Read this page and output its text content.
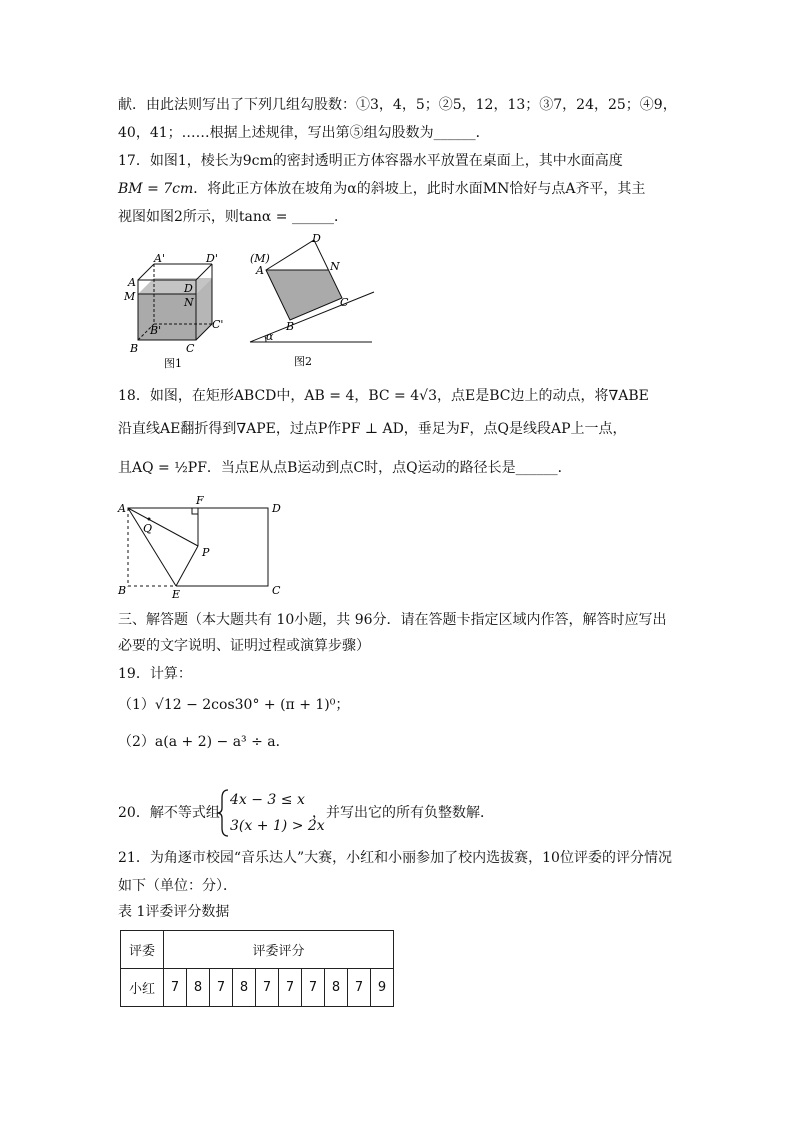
献．由此法则写出了下列几组勾股数：①3，4，5；②5，12，13；③7，24，25；④9，
40，41；……根据上述规律，写出第⑤组勾股数为______．
17．如图1，棱长为9cm的密封透明正方体容器水平放置在桌面上，其中水面高度
BM = 7cm．将此正方体放在坡角为α的斜坡上，此时水面MN恰好与点A齐平，其主
视图如图2所示，则tanα = ______．
A'	D'
A	D
M	N
B'	C'
B	C
图1
(M)
A
D
N
C
B
α
图2
18．如图，在矩形ABCD中，AB = 4，BC = 4√3，点E是BC边上的动点，将∇ABE
沿直线AE翻折得到∇APE，过点P作PF ⊥ AD，垂足为F，点Q是线段AP上一点，
且AQ = ½PF．当点E从点B运动到点C时，点Q运动的路径长是______．
A
F
D
Q
P
B	E	C
三、解答题（本大题共有 10小题，共 96分．请在答题卡指定区域内作答，解答时应写出
必要的文字说明、证明过程或演算步骤）
19．计算：
（1）√12 − 2cos30° + (π + 1)⁰；
（2）a(a + 2) − a³ ÷ a．
20．解不等式组
4x − 3 ≤ x
3(x + 1) > 2x
，并写出它的所有负整数解．
21．为角逐市校园“音乐达人”大赛，小红和小丽参加了校内选拔赛，10位评委的评分情况
如下（单位：分）．
表 1评委评分数据
评委	评委评分									
小红	7	8	7	8	7	7	7	8	7	9
